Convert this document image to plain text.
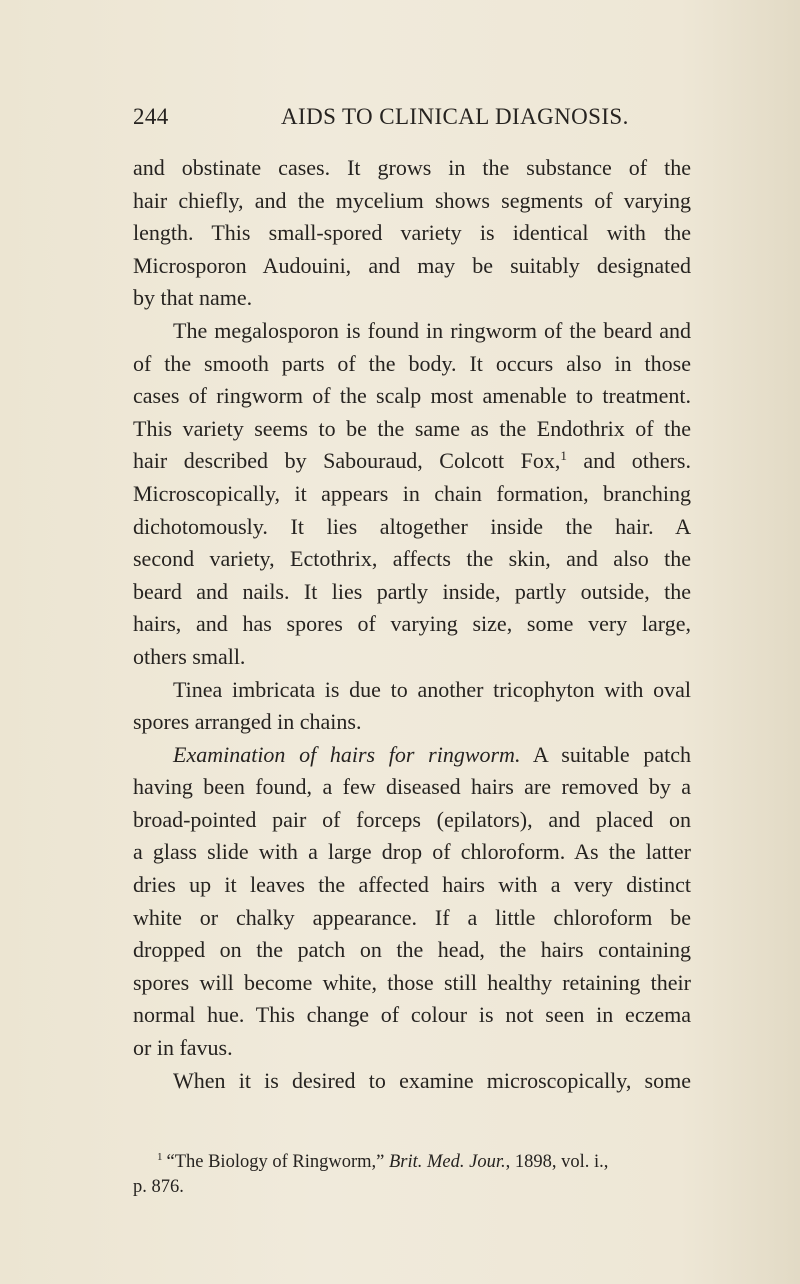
244	AIDS TO CLINICAL DIAGNOSIS.

and obstinate cases. It grows in the substance of the

hair chiefly, and the mycelium shows segments of varying

length. This small-spored variety is identical with the

Microsporon Audouini, and may be suitably designated

by that name.

The megalosporon is found in ringworm of the beard and

of the smooth parts of the body. It occurs also in those

cases of ringworm of the scalp most amenable to treatment.

This variety seems to be the same as the Endothrix of the

hair described by Sabouraud, Colcott Fox,$^1$ and others.

Microscopically, it appears in chain formation, branching

dichotomously. It lies altogether inside the hair. A

second variety, Ectothrix, affects the skin, and also the

beard and nails. It lies partly inside, partly outside, the

hairs, and has spores of varying size, some very large,

others small.

Tinea imbricata is due to another tricophyton with oval

spores arranged in chains.

Examination of hairs for ringworm. A suitable patch

having been found, a few diseased hairs are removed by a

broad-pointed pair of forceps (epilators), and placed on

a glass slide with a large drop of chloroform. As the latter

dries up it leaves the affected hairs with a very distinct

white or chalky appearance. If a little chloroform be

dropped on the patch on the head, the hairs containing

spores will become white, those still healthy retaining their

normal hue. This change of colour is not seen in eczema

or in favus.

When it is desired to examine microscopically, some

$^1$ “The Biology of Ringworm,” Brit. Med. Jour., 1898, vol. i.,

p. 876.
